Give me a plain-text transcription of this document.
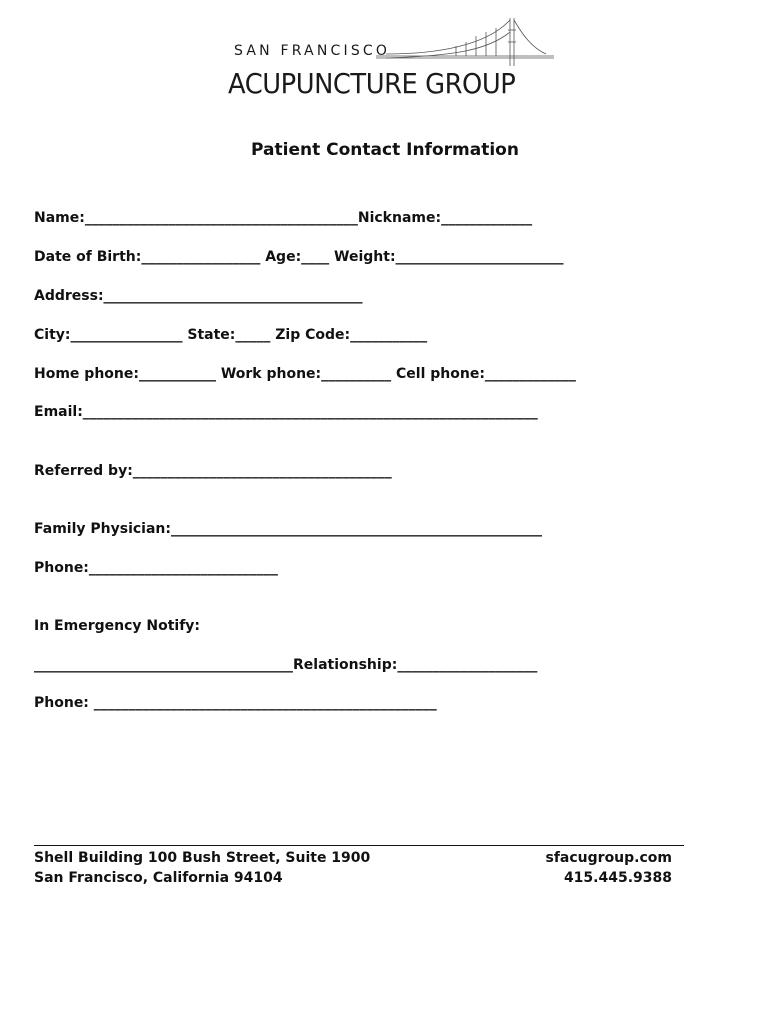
SAN FRANCISCO
ACUPUNCTURE GROUP
Patient Contact Information
Name:_______________________________________Nickname:_____________
Date of Birth:_________________ Age:____ Weight:________________________
Address:_____________________________________
City:________________ State:_____ Zip Code:___________
Home phone:___________ Work phone:__________ Cell phone:_____________
Email:_________________________________________________________________
Referred by:_____________________________________
Family Physician:_____________________________________________________
Phone:___________________________
In Emergency Notify:
_____________________________________Relationship:____________________
Phone: _________________________________________________
Shell Building 100 Bush Street, Suite 1900
San Francisco, California 94104
sfacugroup.com
415.445.9388
